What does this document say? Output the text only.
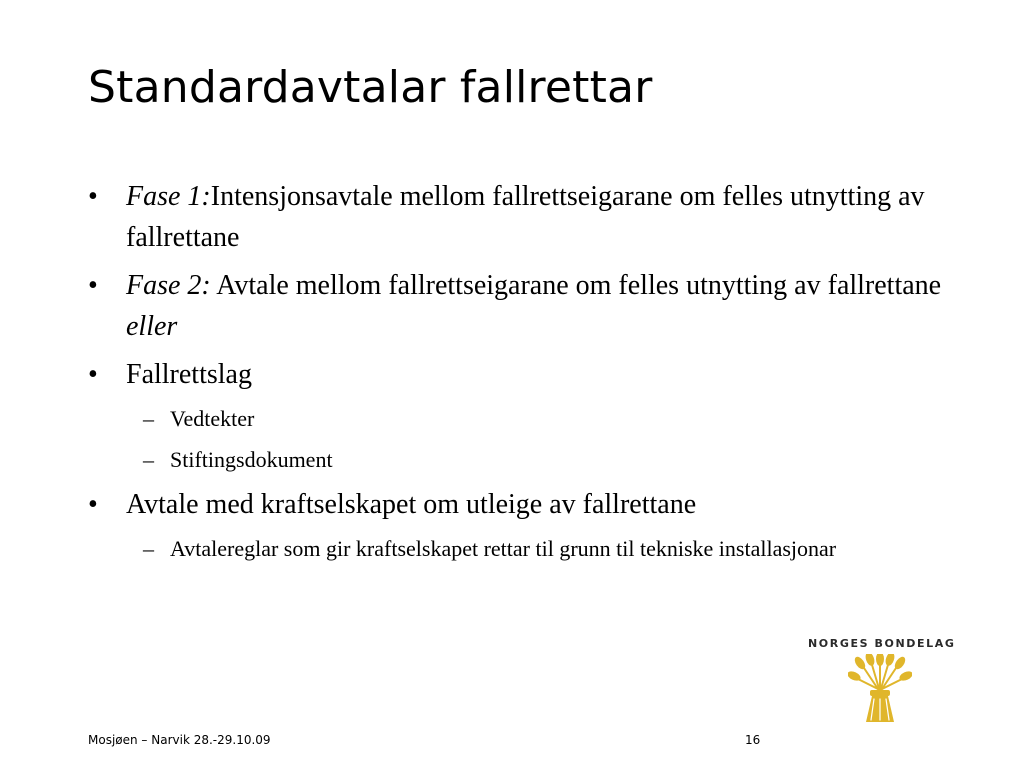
Standardavtalar fallrettar
• Fase 1:Intensjonsavtale mellom fallrettseigarane om felles utnytting av fallrettane
• Fase 2: Avtale mellom fallrettseigarane om felles utnytting av fallrettane eller
• Fallrettslag
– Vedtekter
– Stiftingsdokument
• Avtale med kraftselskapet om utleige av fallrettane
– Avtalereglar som gir kraftselskapet rettar til grunn til tekniske installasjonar
NORGES BONDELAG
Mosjøen – Narvik 28.-29.10.09	16
